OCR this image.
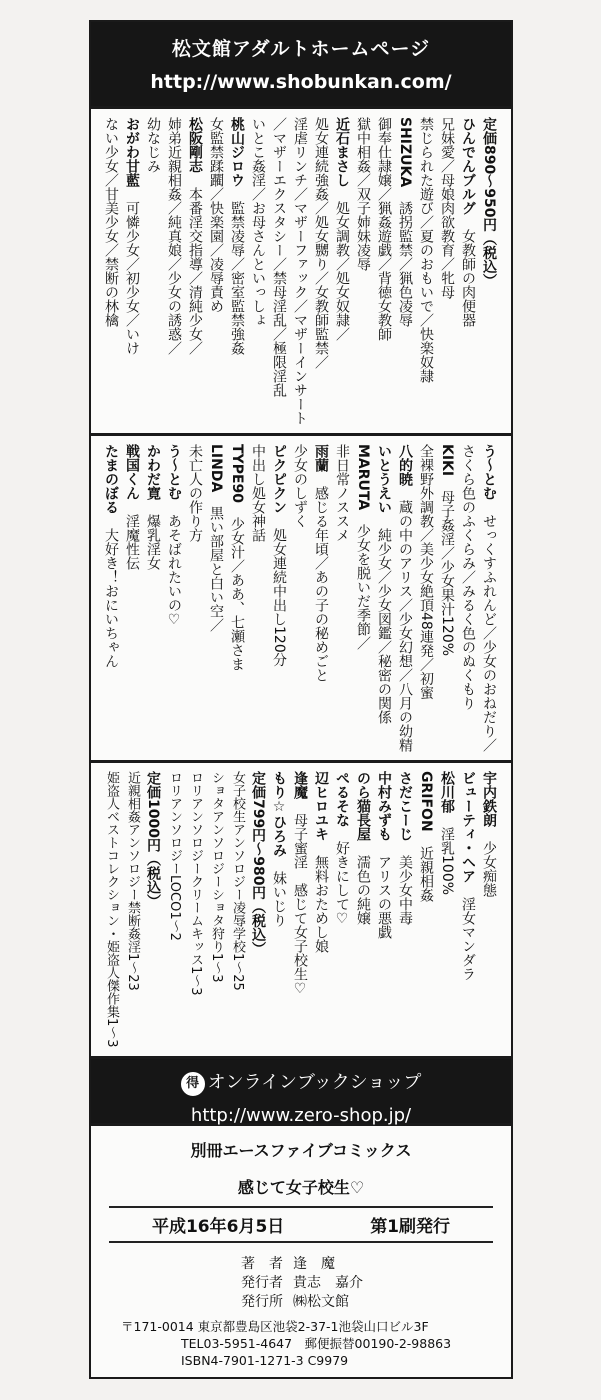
松文館アダルトホームページ
http://www.shobunkan.com/
定価890〜950円（税込）
ひんでんブルグ女教師の肉便器
兄妹愛／母娘肉欲教育／牝母
禁じられた遊び／夏のおもいで／快楽奴隷
SHIZUKA誘拐監禁／猟色凌辱
御奉仕隷嬢／猟姦遊戯／背徳女教師
獄中相姦／双子姉妹凌辱
近石まさし処女調教／処女奴隷／
処女連続強姦／処女嬲り／女教師監禁／
淫虐リンチ／マザーファック／マザーインサート
／マザーエクスタシー／禁母淫乱／極限淫乱
いとこ姦淫／お母さんといっしょ
桃山ジロウ監禁凌辱／密室監禁強姦
女監禁蹂躙／快楽園／凌辱責め
松阪剛志本番淫交指導／清純少女／
姉弟近親相姦／純真娘／少女の誘惑／
幼なじみ
おがわ甘藍可憐少女／初少女／いけ
ない少女／甘美少女／禁断の林檎
う〜とむせっくすふれんど／少女のおねだり／
さくら色のふくらみ／みるく色のぬくもり
KIKI母子姦淫／少女果汁120%
全裸野外調教／美少女絶頂48連発／初蜜
八的暁蔵の中のアリス／少女幻想／八月の幼精
いとうえい純少女／少女図鑑／秘密の関係
MARUTA少女を脱いだ季節／
非日常ノススメ
雨蘭感じる年頃／あの子の秘めごと
少女のしずく
ピクピクン処女連続中出し120分
中出し処女神話
TYPE90少女汁／ああ、七瀬さま
LINDA黒い部屋と白い空／
未亡人の作り方
う〜とむあそばれたいの♡
かわだ寛爆乳淫女
戦国くん淫魔性伝
たまのぼる大好き！おにいちゃん
宇内鉄朗少女痴態
ビューティ・ヘア淫女マンダラ
松川郁淫乳100%
GRIFON近親相姦
さだこーじ美少女中毒
中村みずもアリスの悪戯
のら猫長屋濡色の純嬢
ぺるそな好きにして♡
辺ヒロユキ無料おためし娘
逢魔母子蜜淫　感じて女子校生♡
もり☆ひろみ妹いじり
定価799円〜980円（税込）
女子校生アンソロジー凌辱学校1〜25
ショタアンソロジーショタ狩り1〜3
ロリアンソロジークリームキッス1〜3
ロリアンソロジーLOCO1〜2
定価1000円（税込）
近親相姦アンソロジー禁断姦淫1〜23
姫盗人ベストコレクション・姫盗人傑作集1〜3
得 オンラインブックショップ
http://www.zero-shop.jp/
別冊エースファイブコミックス
感じて女子校生♡
平成16年6月5日	第1刷発行
著　者 逢　魔
発行者 貴志　嘉介
発行所 ㈱松文館
〒171-0014 東京都豊島区池袋2-37-1池袋山口ビル3F
TEL03-5951-4647　郵便振替00190-2-98863
ISBN4-7901-1271-3 C9979
